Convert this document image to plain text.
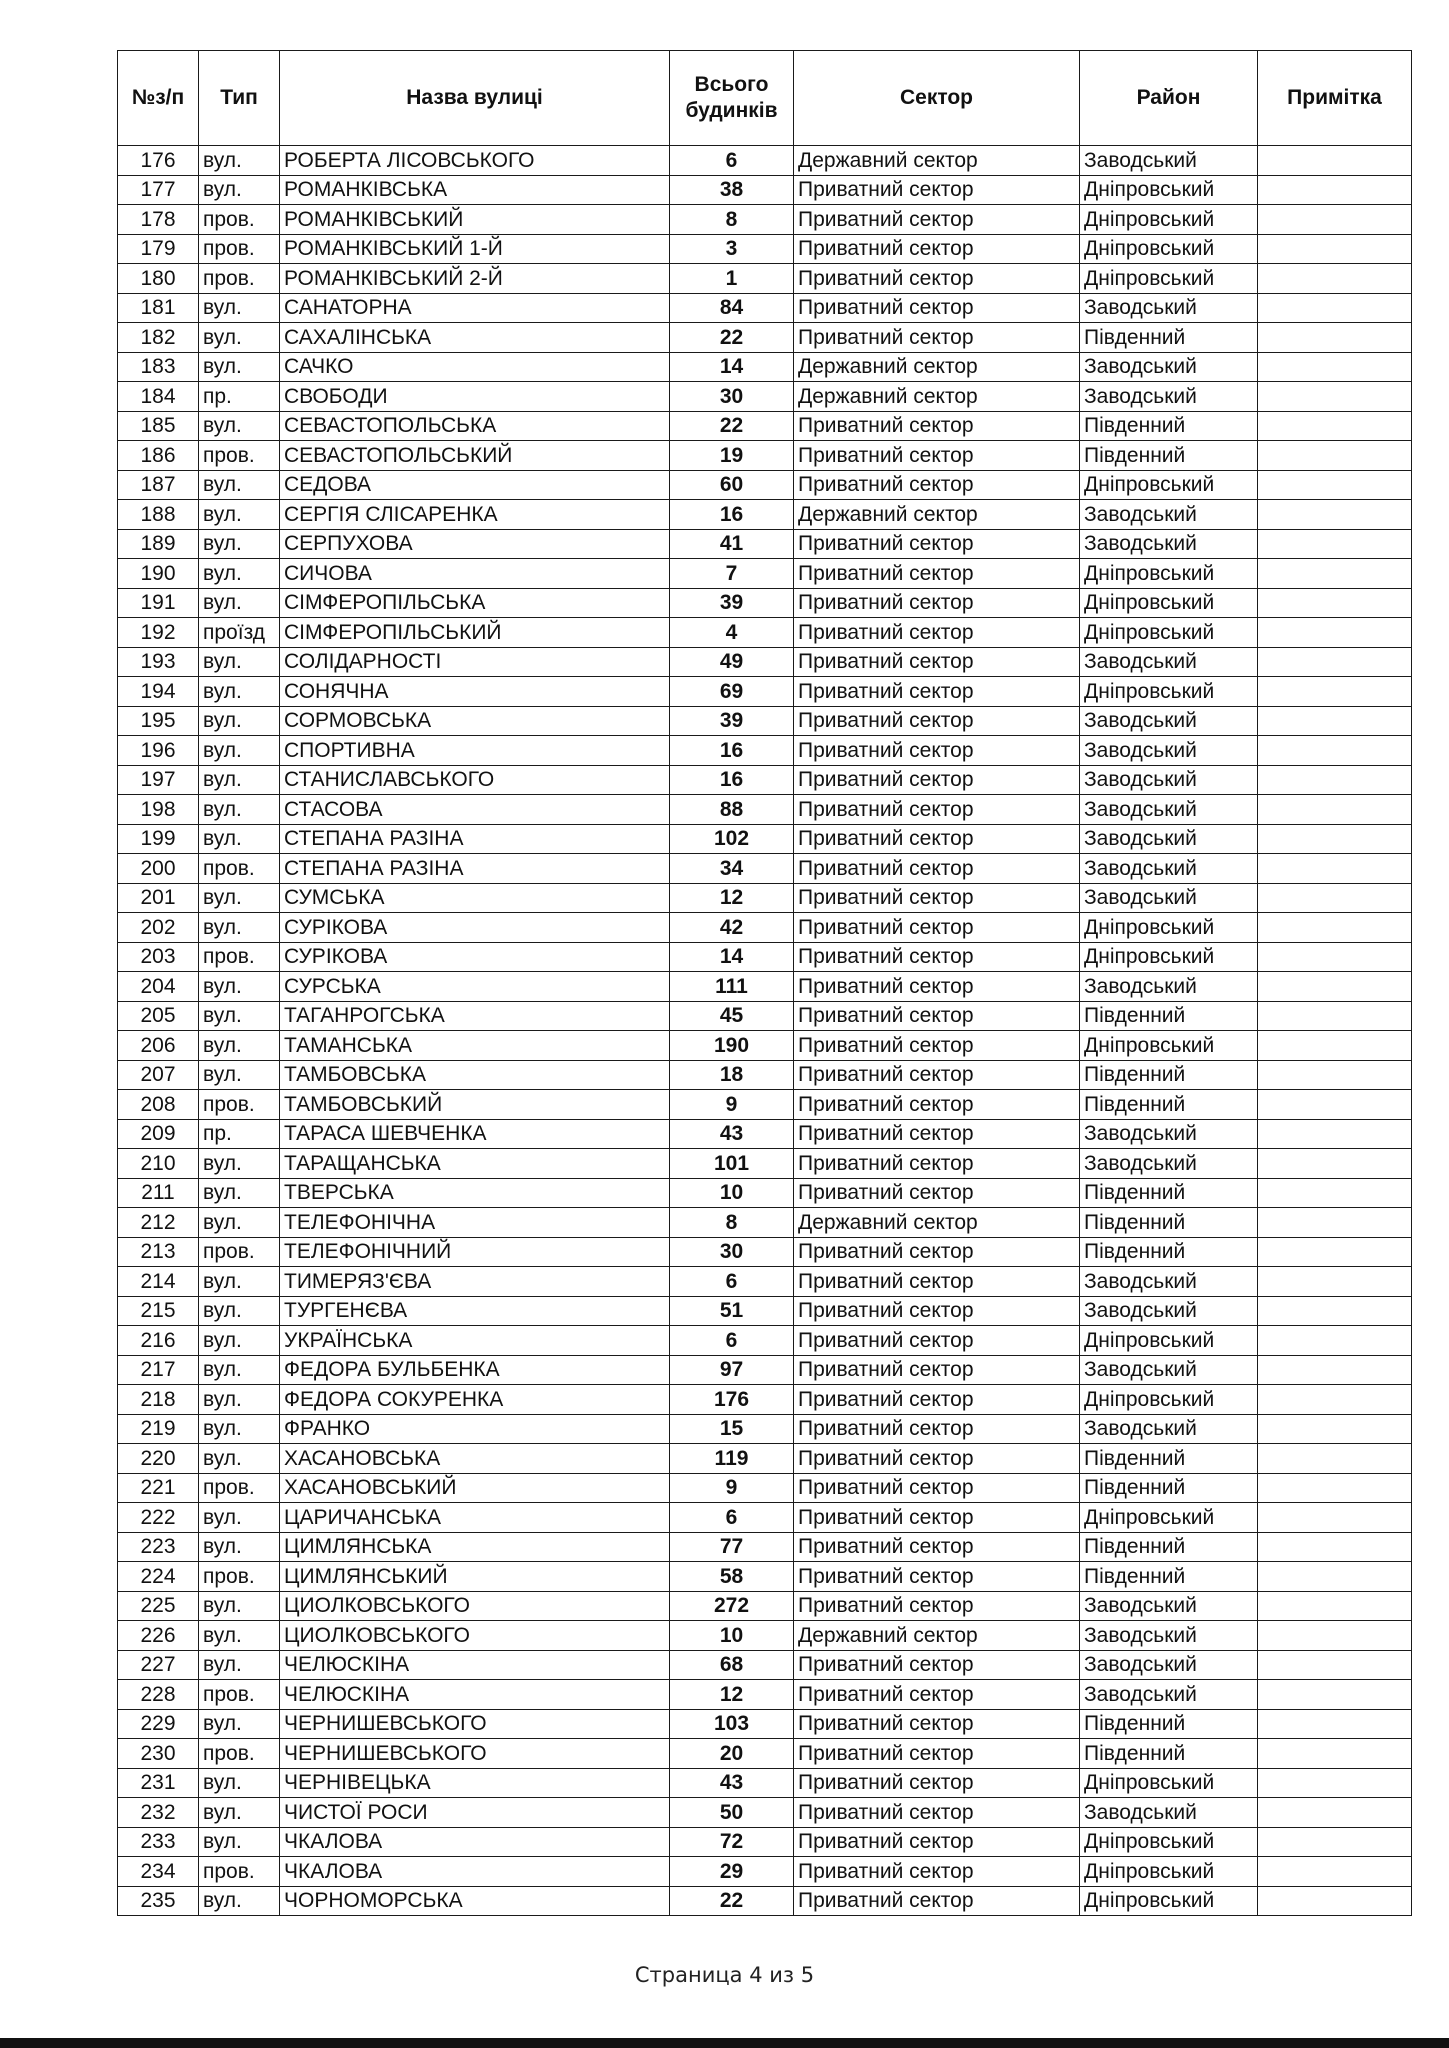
№з/п	Тип	Назва вулиці	Всього будинків	Сектор	Район	Примітка
176	вул.	РОБЕРТА ЛІСОВСЬКОГО	6	Державний сектор	Заводський	
177	вул.	РОМАНКІВСЬКА	38	Приватний сектор	Дніпровський	
178	пров.	РОМАНКІВСЬКИЙ	8	Приватний сектор	Дніпровський	
179	пров.	РОМАНКІВСЬКИЙ 1-Й	3	Приватний сектор	Дніпровський	
180	пров.	РОМАНКІВСЬКИЙ 2-Й	1	Приватний сектор	Дніпровський	
181	вул.	САНАТОРНА	84	Приватний сектор	Заводський	
182	вул.	САХАЛІНСЬКА	22	Приватний сектор	Південний	
183	вул.	САЧКО	14	Державний сектор	Заводський	
184	пр.	СВОБОДИ	30	Державний сектор	Заводський	
185	вул.	СЕВАСТОПОЛЬСЬКА	22	Приватний сектор	Південний	
186	пров.	СЕВАСТОПОЛЬСЬКИЙ	19	Приватний сектор	Південний	
187	вул.	СЕДОВА	60	Приватний сектор	Дніпровський	
188	вул.	СЕРГІЯ СЛІСАРЕНКА	16	Державний сектор	Заводський	
189	вул.	СЕРПУХОВА	41	Приватний сектор	Заводський	
190	вул.	СИЧОВА	7	Приватний сектор	Дніпровський	
191	вул.	СІМФЕРОПІЛЬСЬКА	39	Приватний сектор	Дніпровський	
192	проїзд	СІМФЕРОПІЛЬСЬКИЙ	4	Приватний сектор	Дніпровський	
193	вул.	СОЛІДАРНОСТІ	49	Приватний сектор	Заводський	
194	вул.	СОНЯЧНА	69	Приватний сектор	Дніпровський	
195	вул.	СОРМОВСЬКА	39	Приватний сектор	Заводський	
196	вул.	СПОРТИВНА	16	Приватний сектор	Заводський	
197	вул.	СТАНИСЛАВСЬКОГО	16	Приватний сектор	Заводський	
198	вул.	СТАСОВА	88	Приватний сектор	Заводський	
199	вул.	СТЕПАНА РАЗІНА	102	Приватний сектор	Заводський	
200	пров.	СТЕПАНА РАЗІНА	34	Приватний сектор	Заводський	
201	вул.	СУМСЬКА	12	Приватний сектор	Заводський	
202	вул.	СУРІКОВА	42	Приватний сектор	Дніпровський	
203	пров.	СУРІКОВА	14	Приватний сектор	Дніпровський	
204	вул.	СУРСЬКА	111	Приватний сектор	Заводський	
205	вул.	ТАГАНРОГСЬКА	45	Приватний сектор	Південний	
206	вул.	ТАМАНСЬКА	190	Приватний сектор	Дніпровський	
207	вул.	ТАМБОВСЬКА	18	Приватний сектор	Південний	
208	пров.	ТАМБОВСЬКИЙ	9	Приватний сектор	Південний	
209	пр.	ТАРАСА ШЕВЧЕНКА	43	Приватний сектор	Заводський	
210	вул.	ТАРАЩАНСЬКА	101	Приватний сектор	Заводський	
211	вул.	ТВЕРСЬКА	10	Приватний сектор	Південний	
212	вул.	ТЕЛЕФОНІЧНА	8	Державний сектор	Південний	
213	пров.	ТЕЛЕФОНІЧНИЙ	30	Приватний сектор	Південний	
214	вул.	ТИМЕРЯЗ'ЄВА	6	Приватний сектор	Заводський	
215	вул.	ТУРГЕНЄВА	51	Приватний сектор	Заводський	
216	вул.	УКРАЇНСЬКА	6	Приватний сектор	Дніпровський	
217	вул.	ФЕДОРА БУЛЬБЕНКА	97	Приватний сектор	Заводський	
218	вул.	ФЕДОРА СОКУРЕНКА	176	Приватний сектор	Дніпровський	
219	вул.	ФРАНКО	15	Приватний сектор	Заводський	
220	вул.	ХАСАНОВСЬКА	119	Приватний сектор	Південний	
221	пров.	ХАСАНОВСЬКИЙ	9	Приватний сектор	Південний	
222	вул.	ЦАРИЧАНСЬКА	6	Приватний сектор	Дніпровський	
223	вул.	ЦИМЛЯНСЬКА	77	Приватний сектор	Південний	
224	пров.	ЦИМЛЯНСЬКИЙ	58	Приватний сектор	Південний	
225	вул.	ЦИОЛКОВСЬКОГО	272	Приватний сектор	Заводський	
226	вул.	ЦИОЛКОВСЬКОГО	10	Державний сектор	Заводський	
227	вул.	ЧЕЛЮСКІНА	68	Приватний сектор	Заводський	
228	пров.	ЧЕЛЮСКІНА	12	Приватний сектор	Заводський	
229	вул.	ЧЕРНИШЕВСЬКОГО	103	Приватний сектор	Південний	
230	пров.	ЧЕРНИШЕВСЬКОГО	20	Приватний сектор	Південний	
231	вул.	ЧЕРНІВЕЦЬКА	43	Приватний сектор	Дніпровський	
232	вул.	ЧИСТОЇ РОСИ	50	Приватний сектор	Заводський	
233	вул.	ЧКАЛОВА	72	Приватний сектор	Дніпровський	
234	пров.	ЧКАЛОВА	29	Приватний сектор	Дніпровський	
235	вул.	ЧОРНОМОРСЬКА	22	Приватний сектор	Дніпровський	
Страница 4 из 5
